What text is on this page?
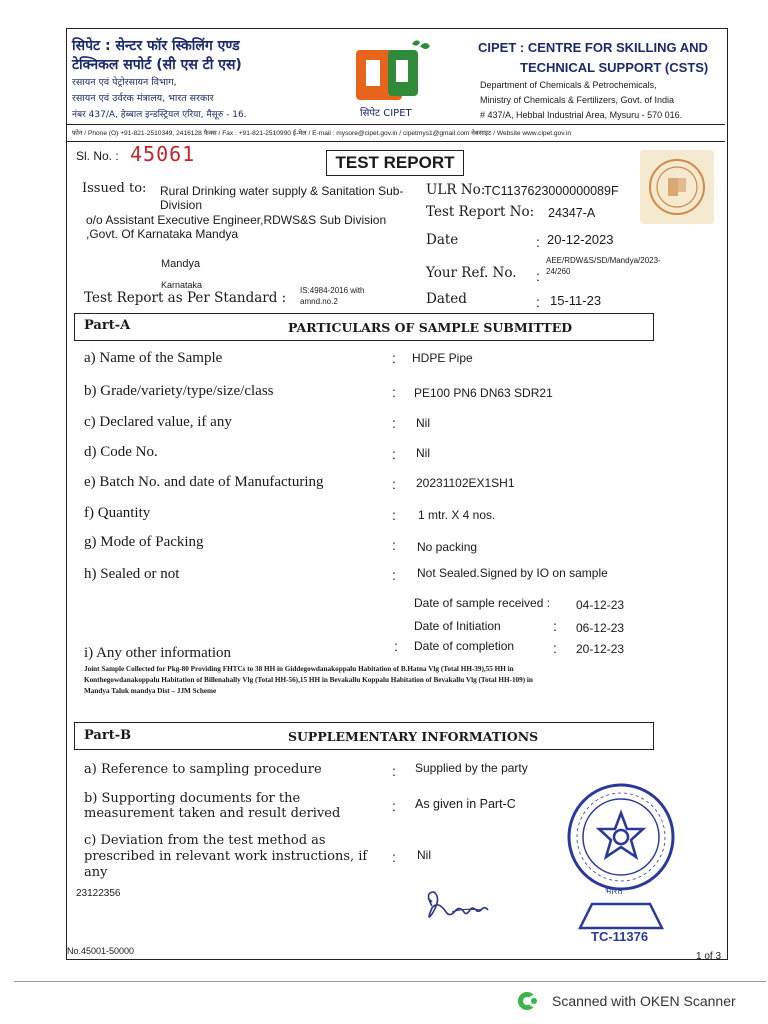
सिपेट : सेन्टर फॉर स्किलिंग एण्ड
टेक्निकल सपोर्ट (सी एस टी एस)
रसायन एवं पेट्रोरसायन विभाग,
रसायन एवं उर्वरक मंत्रालय, भारत सरकार
नंबर 437/A, हेब्बाल इन्डस्ट्रियल एरिया, मैसूरु - 16.	सिपेट CIPET
CIPET : CENTRE FOR SKILLING AND
TECHNICAL SUPPORT (CSTS)
Department of Chemicals & Petrochemicals,
Ministry of Chemicals & Fertilizers, Govt. of India
# 437/A, Hebbal Industrial Area, Mysuru - 570 016.
फोन / Phone (O) +91-821-2510349, 2416128 फैक्स / Fax : +91-821-2510990 ई-मेल / E-mail : mysore@cipet.gov.in / cipetmys1@gmail.com वेबसाइट / Website www.cipet.gov.in
Sl. No. : 45061	TEST REPORT
Issued to: Rural Drinking water supply & Sanitation Sub-
Division
o/o Assistant Executive Engineer,RDWS&S Sub Division
,Govt. Of Karnataka Mandya
Mandya
Karnataka
Test Report as Per Standard : IS:4984-2016 with
amnd.no.2
ULR No:
TC1137623000000089F
Test Report No: 24347-A
Date	: 20-12-2023
Your Ref. No. :
AEE/RDW&S/SD/Mandya/2023-
24/260
Dated	: 15-11-23
Part-A	PARTICULARS OF SAMPLE SUBMITTED
a) Name of the Sample	: HDPE Pipe
b) Grade/variety/type/size/class	: PE100 PN6 DN63 SDR21
c) Declared value, if any	: Nil
d) Code No.	: Nil
e) Batch No. and date of Manufacturing	: 20231102EX1SH1
f) Quantity	: 1 mtr. X 4 nos.
g) Mode of Packing	: No packing
h) Sealed or not	: Not Sealed.Signed by IO on sample
Date of sample received : 04-12-23
Date of Initiation	: 06-12-23
: Date of completion	: 20-12-23
i) Any other information
Joint Sample Collected for Pkg-80 Providing FHTCs to 38 HH in Giddegowdanakoppalu Habitation of B.Hatna Vlg (Total HH-39),55 HH in
Konthegowdanakoppalu Habitation of Billenahally Vlg (Total HH-56),15 HH in Bevakallu Koppalu Habitation of Bevakallu Vlg (Total HH-109) in
Mandya Taluk mandya Dist – JJM Scheme
Part-B	SUPPLEMENTARY INFORMATIONS
a) Reference to sampling procedure	: Supplied by the party
b) Supporting documents for the
measurement taken and result derived	: As given in Part-C
c) Deviation from the test method as
prescribed in relevant work instructions, if
any
: Nil
23122356	भारत
TC-11376
No.45001-50000	1 of 3
Scanned with OKEN Scanner
